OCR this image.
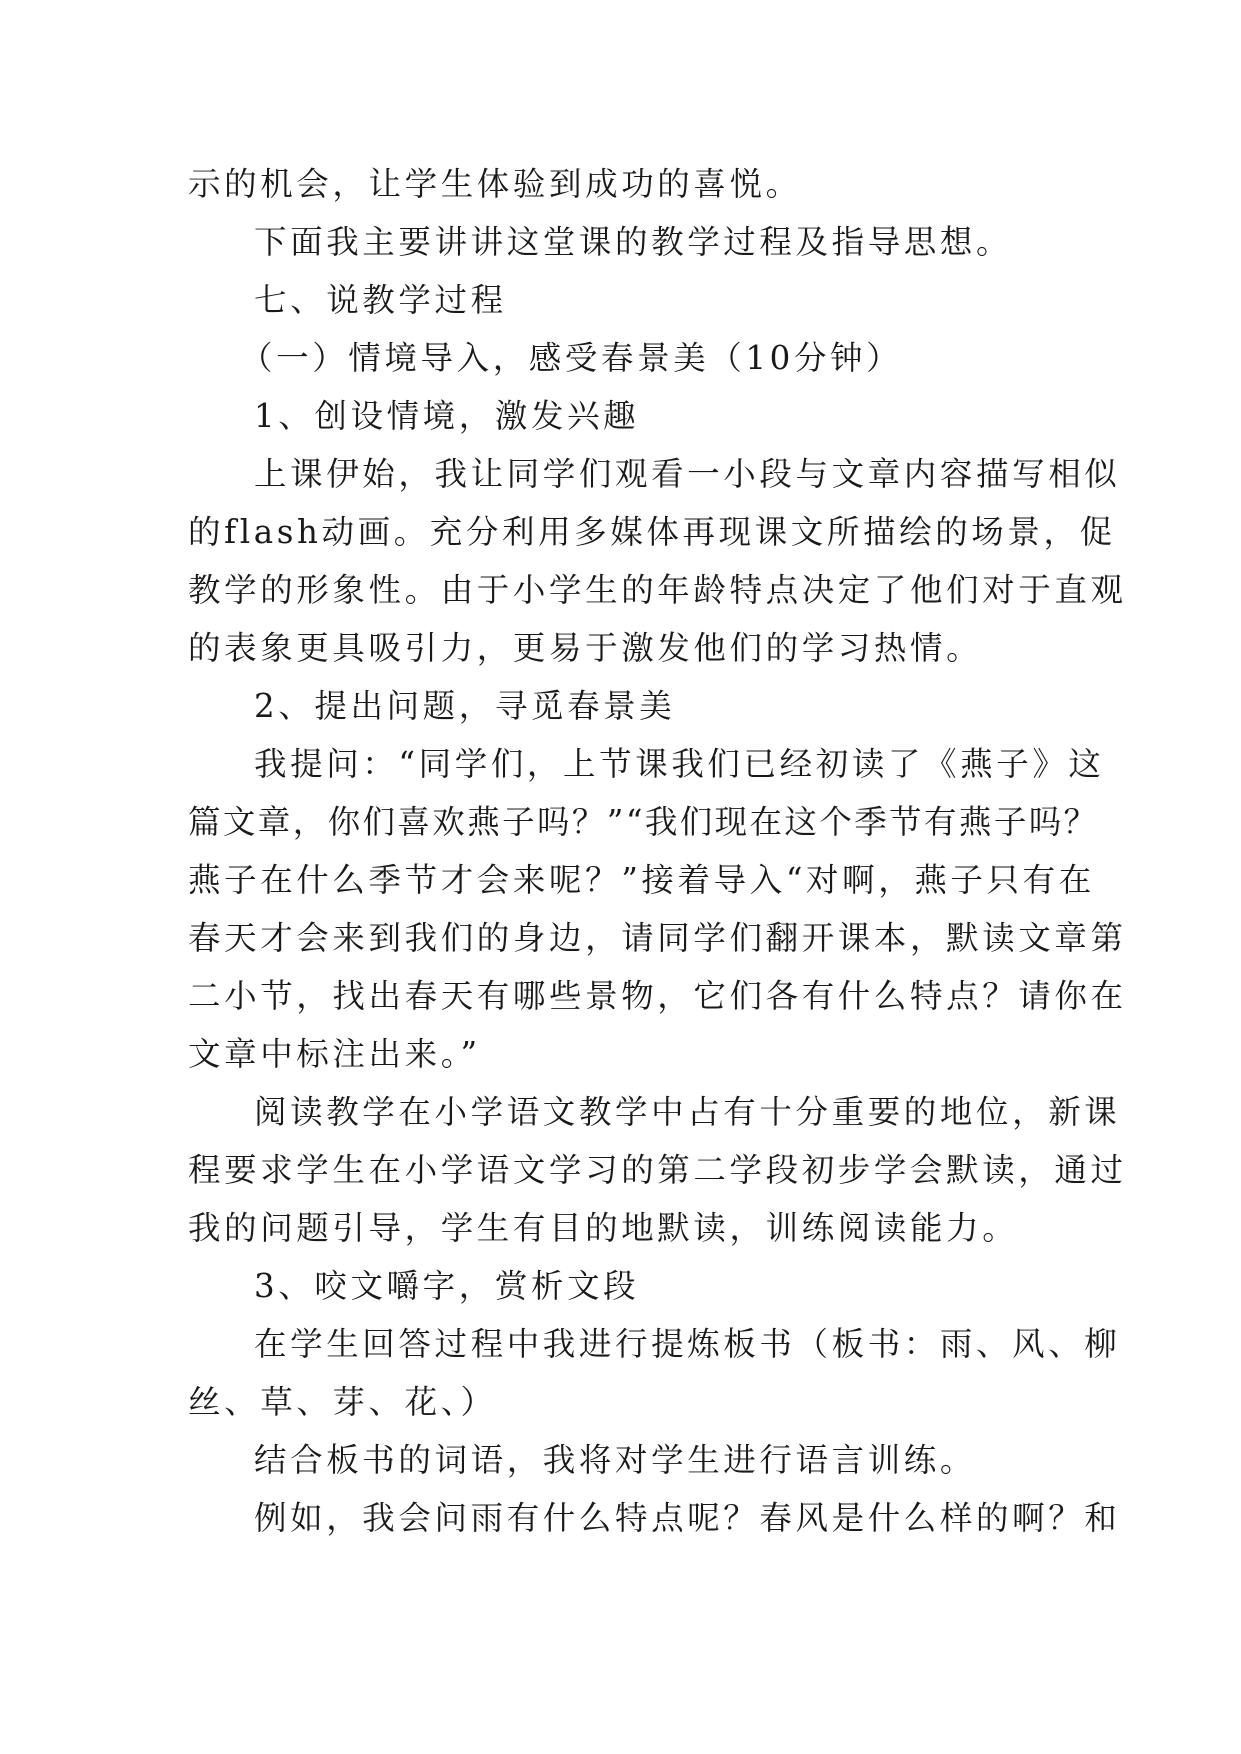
示的机会，让学生体验到成功的喜悦。
下面我主要讲讲这堂课的教学过程及指导思想。
七、说教学过程
（一）情境导入，感受春景美（10分钟）
1、创设情境，激发兴趣
上课伊始，我让同学们观看一小段与文章内容描写相似
的flash动画。充分利用多媒体再现课文所描绘的场景，促
教学的形象性。由于小学生的年龄特点决定了他们对于直观
的表象更具吸引力，更易于激发他们的学习热情。
2、提出问题，寻觅春景美
我提问：“同学们，上节课我们已经初读了《燕子》这
篇文章，你们喜欢燕子吗？”“我们现在这个季节有燕子吗？
燕子在什么季节才会来呢？”接着导入“对啊，燕子只有在
春天才会来到我们的身边，请同学们翻开课本，默读文章第
二小节，找出春天有哪些景物，它们各有什么特点？请你在
文章中标注出来。”
阅读教学在小学语文教学中占有十分重要的地位，新课
程要求学生在小学语文学习的第二学段初步学会默读，通过
我的问题引导，学生有目的地默读，训练阅读能力。
3、咬文嚼字，赏析文段
在学生回答过程中我进行提炼板书（板书：雨、风、柳
丝、草、芽、花、）
结合板书的词语，我将对学生进行语言训练。
例如，我会问雨有什么特点呢？春风是什么样的啊？和
